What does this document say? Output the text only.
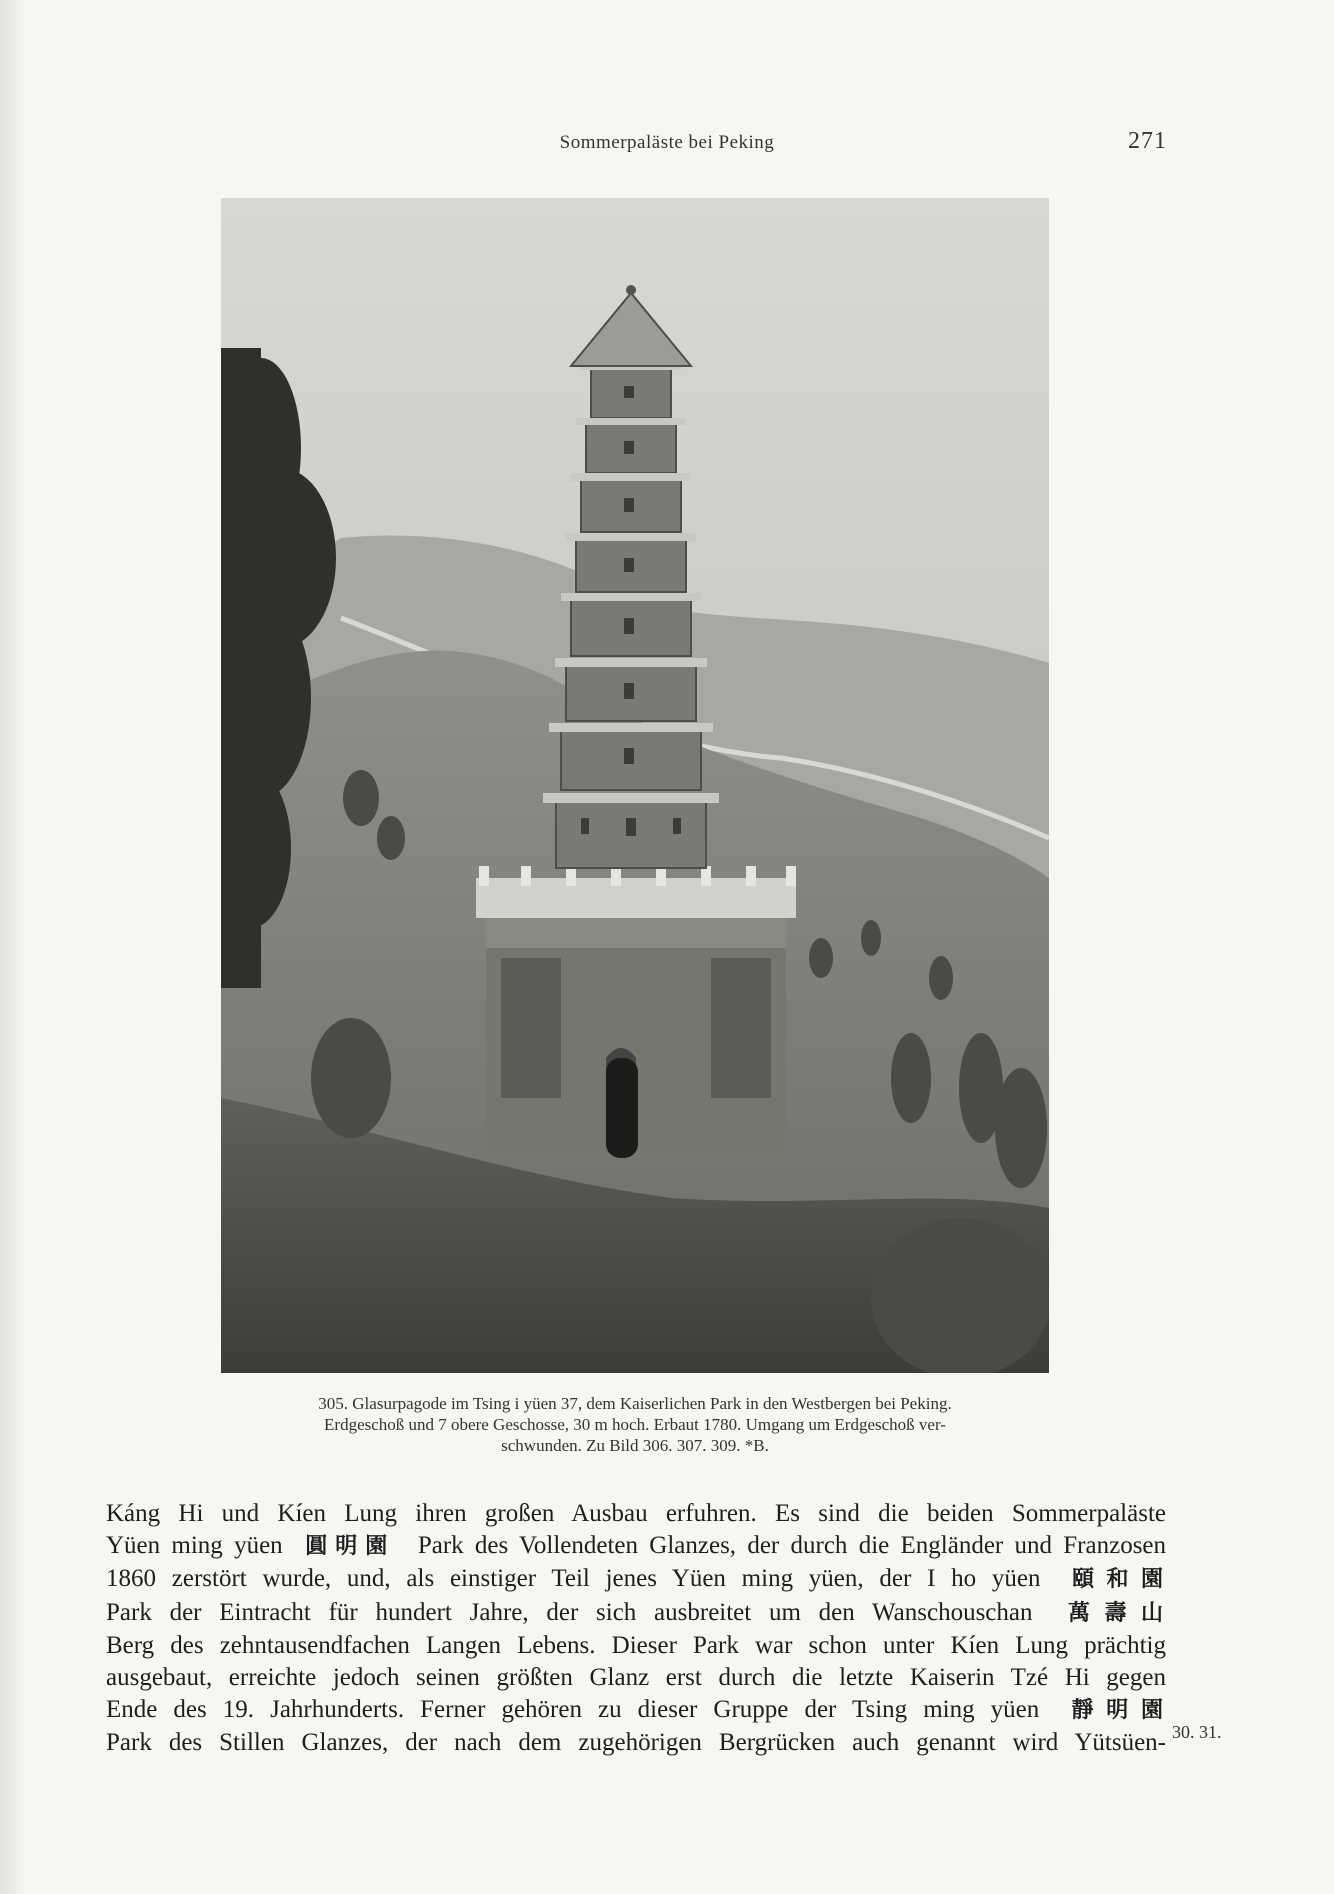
Sommerpaläste bei Peking	271
305. Glasurpagode im Tsing i yüen 37, dem Kaiserlichen Park in den Westbergen bei Peking.
Erdgeschoß und 7 obere Geschosse, 30 m hoch. Erbaut 1780. Umgang um Erdgeschoß ver-
schwunden. Zu Bild 306. 307. 309. *B.
Káng Hi und Kíen Lung ihren großen Ausbau erfuhren. Es sind die beiden Sommerpaläste
Yüen ming yüen 圓明園 Park des Vollendeten Glanzes, der durch die Engländer und Franzosen
1860 zerstört wurde, und, als einstiger Teil jenes Yüen ming yüen, der I ho yüen 頤和園
Park der Eintracht für hundert Jahre, der sich ausbreitet um den Wanschouschan 萬壽山
Berg des zehntausendfachen Langen Lebens. Dieser Park war schon unter Kíen Lung prächtig
ausgebaut, erreichte jedoch seinen größten Glanz erst durch die letzte Kaiserin Tzé Hi gegen
Ende des 19. Jahrhunderts. Ferner gehören zu dieser Gruppe der Tsing ming yüen 靜明園
Park des Stillen Glanzes, der nach dem zugehörigen Bergrücken auch genannt wird Yütsüen- 30. 31.
